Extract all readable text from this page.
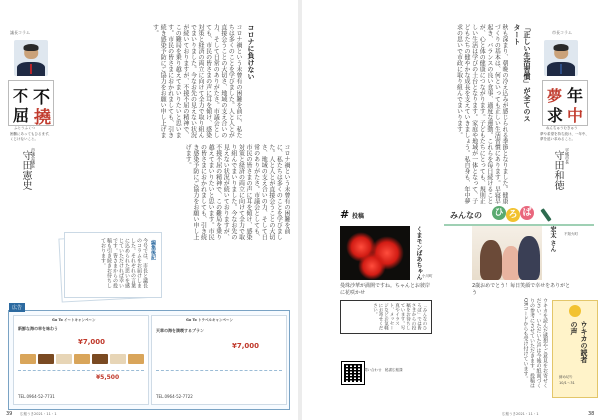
議長コラム
不
撓
不
屈
ふとうふくつ
困難にあってもひるまず、くじけないこと。
市議会議長
守田憲史
コロナに負けない
コロナ禍という未曾有の困難を前に、私たちは多くのことを学びました。人と人とが直接会うことの大切さ、地域の支え合いの力、そして日常のありがたさ。市議会としても、市民の皆さまの声に耳を傾け、感染対策と経済の両立に向けて全力で取り組んでまいりました。今なお先の見えない状況が続いておりますが、不撓不屈の精神で、この難局を乗り越えてまいりたいと思います。市民の皆さまにおかれましても、引き続き感染予防にご協力をお願い申し上げます。
コロナ禍という未曾有の困難を前に、私たちは多くのことを学びました。人と人とが直接会うことの大切さ、地域の支え合いの力、そして日常のありがたさ。市議会としても、市民の皆さまの声に耳を傾け、感染対策と経済の両立に向けて全力で取り組んでまいりました。今なお先の見えない状況が続いておりますが、不撓不屈の精神で、この難局を乗り越えてまいりたいと思います。市民の皆さまにおかれましても、引き続き感染予防にご協力をお願い申し上げます。
編集後記
今号では、市長と議長のコラムをお届けしました。それぞれの言葉に込められた思いを感じていただければ幸いです。皆さまからの投稿も引き続きお待ちしております。
広告
Go To イートキャンペーン
新鮮な海の幸を味わう
¥7,000
¥5,500
TEL.0964-52-7731
Go To トラベルキャンペーン
天草の海を満喫するプラン
¥7,000
TEL.0964-52-7722
39 広報うき2021・11・1
市長コラム
年
中
夢
求
ねんちゅうむきゅう
夢や希望を持ち続け、一年中、夢を追い求めること。
宇城市長
守田和徳
「正しい生活習慣」が全てのスタート
秋も深まり、朝晩の冷え込みが感じられる季節となりました。健康づくりの基本は、何といっても正しい生活習慣にあります。早寝早起き、バランスの良い食事、適度な運動。これらを毎日続けることが、心と体の健康につながります。子どもたちにとっても、規則正しい生活は学びの土台となります。家庭や地域が一体となって、子どもたちの健やかな成長を支えていきましょう。私自身も、年中夢求の思いで市政に取り組んでまいります。
みんなの ひ ろ ば
# 投稿
くまモンばあちゃん 小川町
曼珠沙華が満開ですね。ちゃんとお彼岸に花咲かせ
宏太 さん 不知火町
2歳おめでとう！毎日笑顔で幸せをありがとう
「みんなのひろば」では皆さまからの投稿をお待ちしています。写真やイラスト、メッセージなどお気軽にお寄せください。
問い合わせ　秘書広報課	ウキカを読んだ感想やご意見をお寄せください。いただいた声は今後の紙面づくりの参考にさせていただきます。投稿はQRコードからも受け付けています。	ウキカの読者の声
締め切り
10/1〜31
広報うき2021・11・1	38
